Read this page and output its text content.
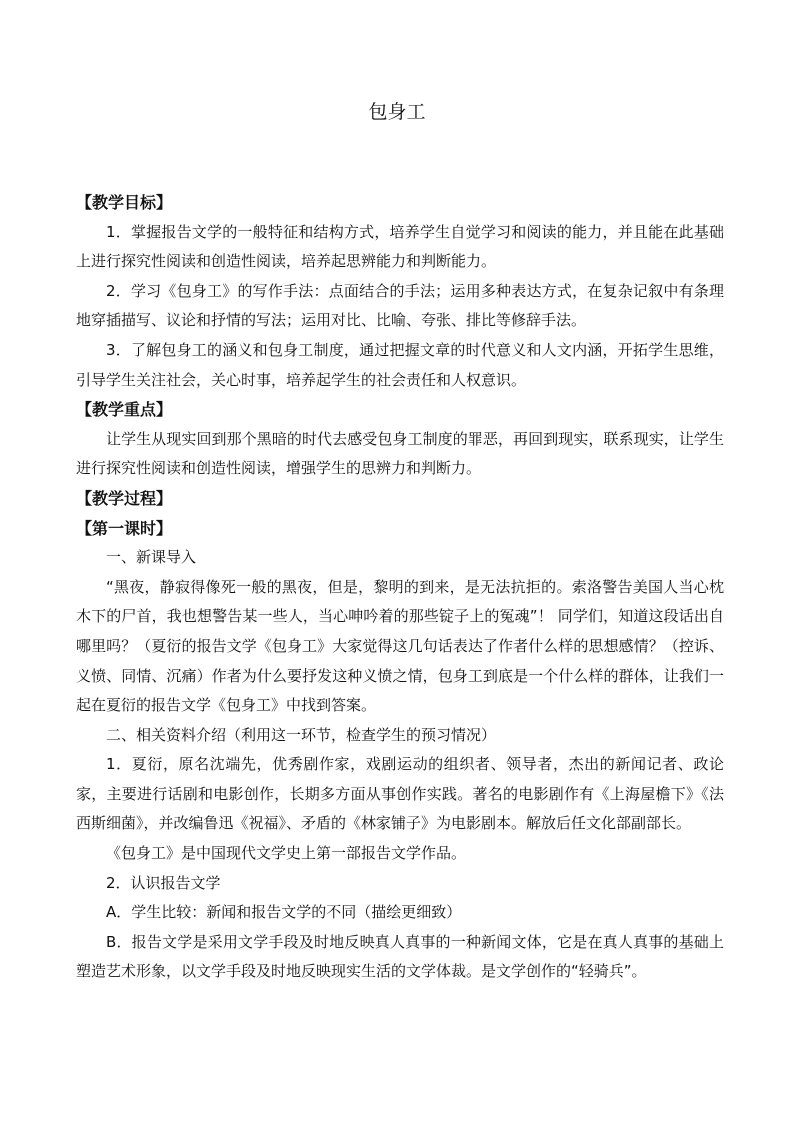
包身工

【教学目标】

1．掌握报告文学的一般特征和结构方式，培养学生自觉学习和阅读的能力，并且能在此基础上进行探究性阅读和创造性阅读，培养起思辨能力和判断能力。

2．学习《包身工》的写作手法：点面结合的手法；运用多种表达方式，在复杂记叙中有条理地穿插描写、议论和抒情的写法；运用对比、比喻、夸张、排比等修辞手法。

3．了解包身工的涵义和包身工制度，通过把握文章的时代意义和人文内涵，开拓学生思维，引导学生关注社会，关心时事，培养起学生的社会责任和人权意识。

【教学重点】

让学生从现实回到那个黑暗的时代去感受包身工制度的罪恶，再回到现实，联系现实，让学生进行探究性阅读和创造性阅读，增强学生的思辨力和判断力。

【教学过程】

【第一课时】

一、新课导入

“黑夜，静寂得像死一般的黑夜，但是，黎明的到来，是无法抗拒的。索洛警告美国人当心枕木下的尸首，我也想警告某一些人，当心呻吟着的那些锭子上的冤魂”！ 同学们，知道这段话出自哪里吗？（夏衍的报告文学《包身工》大家觉得这几句话表达了作者什么样的思想感情？（控诉、义愤、同情、沉痛）作者为什么要抒发这种义愤之情，包身工到底是一个什么样的群体，让我们一起在夏衍的报告文学《包身工》中找到答案。

二、相关资料介绍（利用这一环节，检查学生的预习情况）

1．夏衍，原名沈端先，优秀剧作家，戏剧运动的组织者、领导者，杰出的新闻记者、政论家，主要进行话剧和电影创作，长期多方面从事创作实践。著名的电影剧作有《上海屋檐下》《法西斯细菌》，并改编鲁迅《祝福》、矛盾的《林家铺子》为电影剧本。解放后任文化部副部长。

《包身工》是中国现代文学史上第一部报告文学作品。

2．认识报告文学

A．学生比较：新闻和报告文学的不同（描绘更细致）

B．报告文学是采用文学手段及时地反映真人真事的一种新闻文体，它是在真人真事的基础上塑造艺术形象，以文学手段及时地反映现实生活的文学体裁。是文学创作的“轻骑兵”。
